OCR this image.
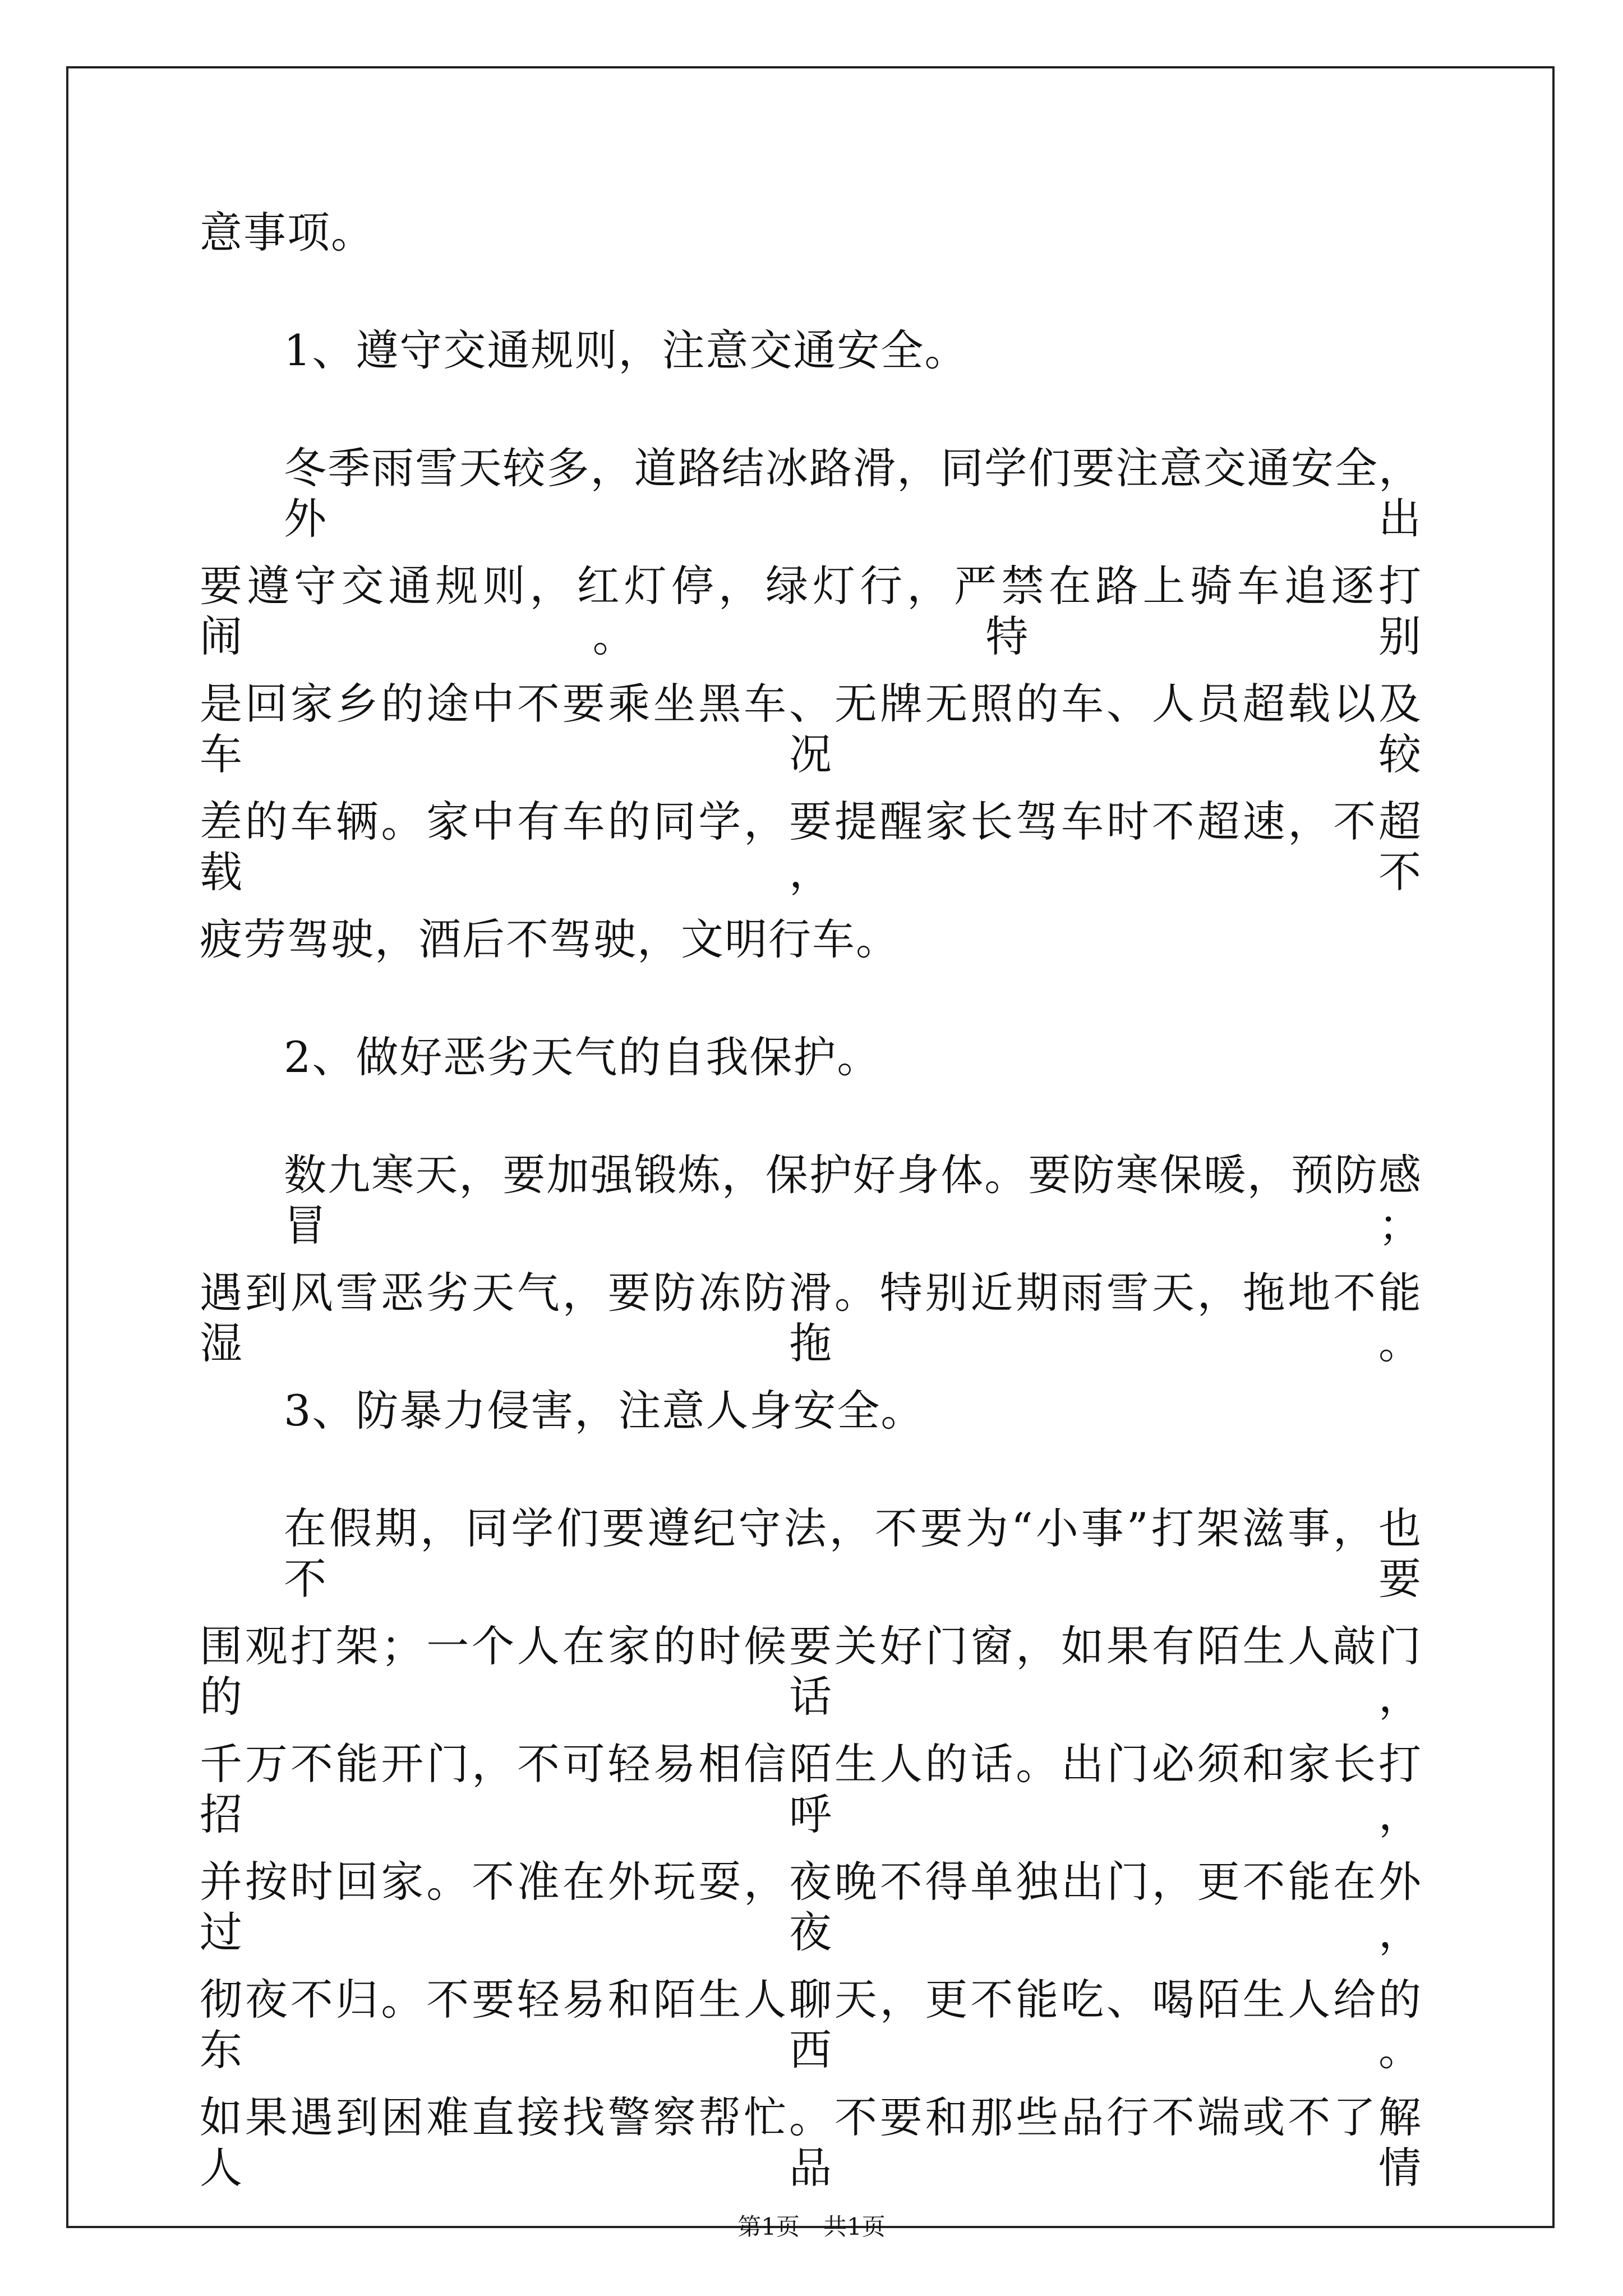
意事项。
1、遵守交通规则，注意交通安全。
冬季雨雪天较多，道路结冰路滑，同学们要注意交通安全，外出
要遵守交通规则，红灯停，绿灯行，严禁在路上骑车追逐打闹。特别
是回家乡的途中不要乘坐黑车、无牌无照的车、人员超载以及车况较
差的车辆。家中有车的同学，要提醒家长驾车时不超速，不超载，不
疲劳驾驶，酒后不驾驶，文明行车。
2、做好恶劣天气的自我保护。
数九寒天，要加强锻炼，保护好身体。要防寒保暖，预防感冒；
遇到风雪恶劣天气，要防冻防滑。特别近期雨雪天，拖地不能湿拖。
3、防暴力侵害，注意人身安全。
在假期，同学们要遵纪守法，不要为“小事”打架滋事，也不要
围观打架；一个人在家的时候要关好门窗，如果有陌生人敲门的话，
千万不能开门，不可轻易相信陌生人的话。出门必须和家长打招呼，
并按时回家。不准在外玩耍，夜晚不得单独出门，更不能在外过夜，
彻夜不归。不要轻易和陌生人聊天，更不能吃、喝陌生人给的东西。
如果遇到困难直接找警察帮忙。不要和那些品行不端或不了解人品情
第1页　共1页
